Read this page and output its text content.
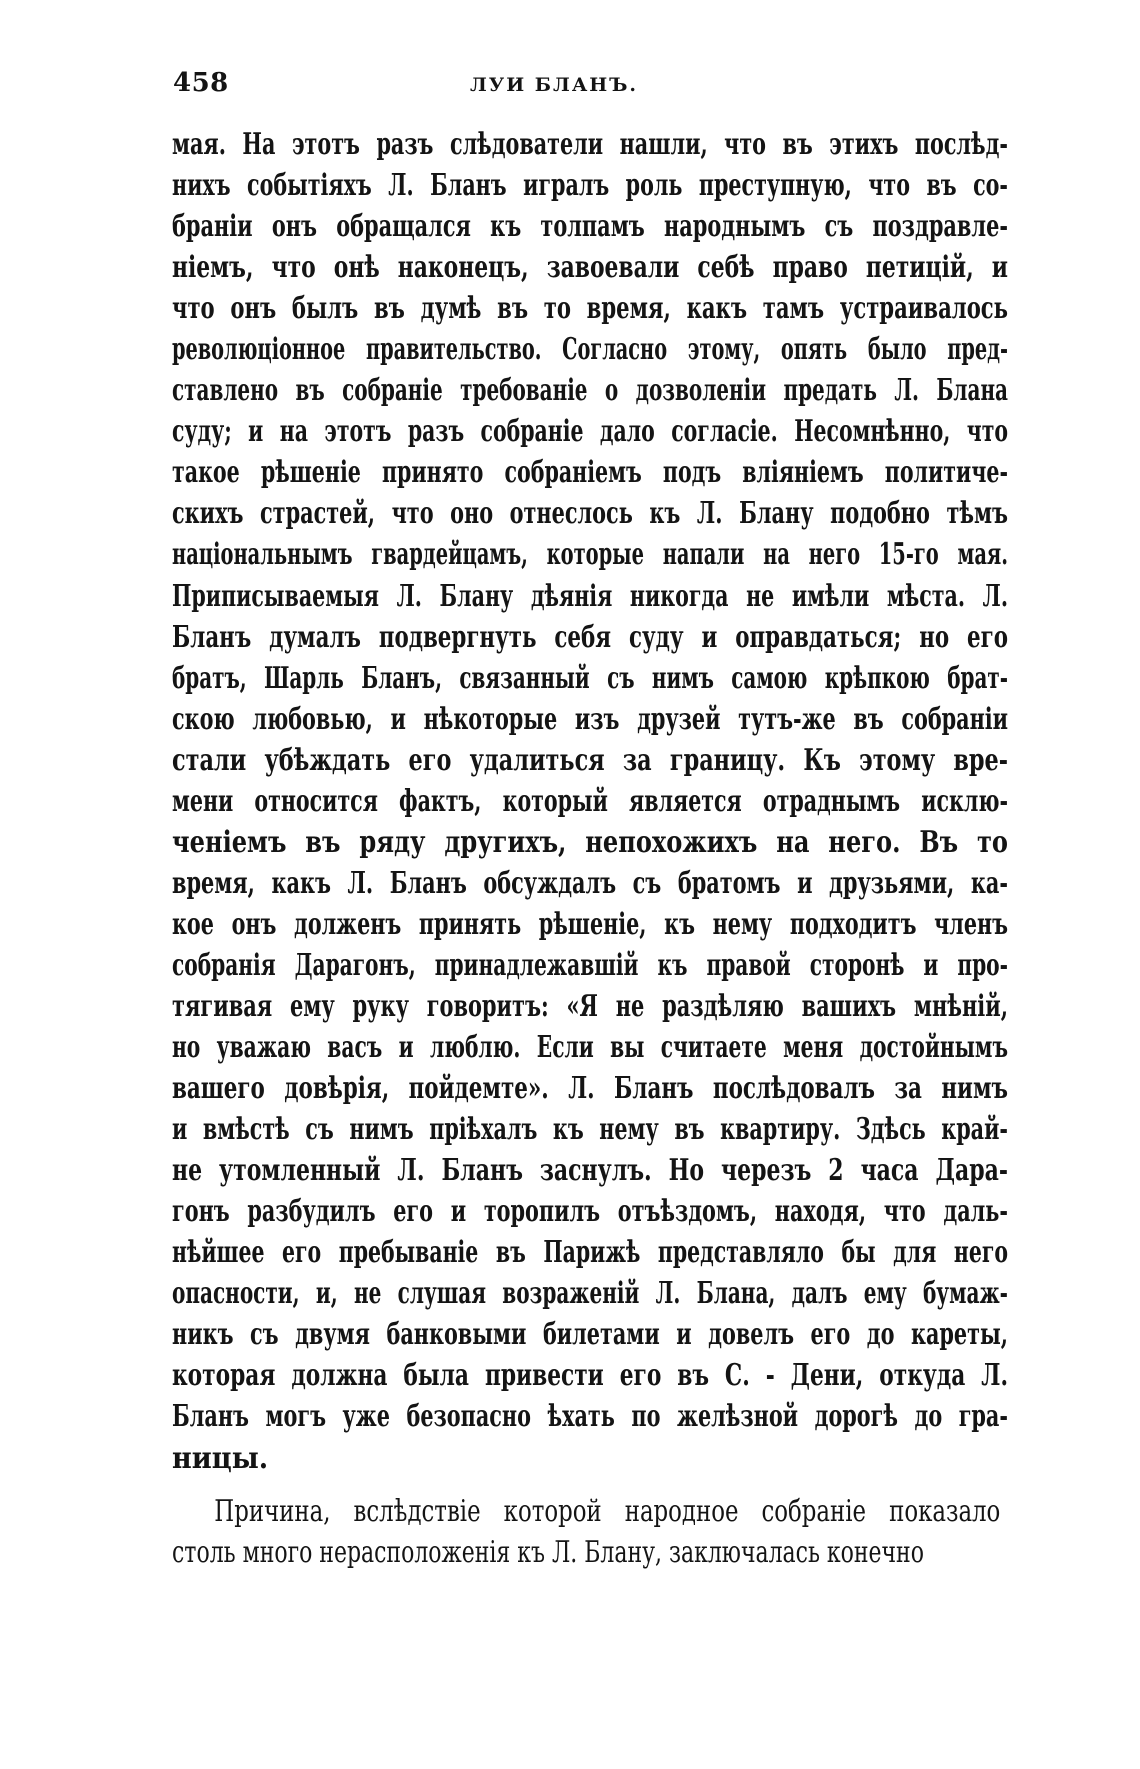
458	ЛУИ БЛАНЪ.
мая. На этотъ разъ слѣдователи нашли, что въ этихъ послѣд-
нихъ событіяхъ Л. Бланъ игралъ роль преступную, что въ со-
браніи онъ обращался къ толпамъ народнымъ съ поздравле-
ніемъ, что онѣ наконецъ, завоевали себѣ право петицій, и
что онъ былъ въ думѣ въ то время, какъ тамъ устраивалось
революціонное правительство. Согласно этому, опять было пред-
ставлено въ собраніе требованіе о дозволеніи предать Л. Блана
суду; и на этотъ разъ собраніе дало согласіе. Несомнѣнно, что
такое рѣшеніе принято собраніемъ подъ вліяніемъ политиче-
скихъ страстей, что оно отнеслось къ Л. Блану подобно тѣмъ
національнымъ гвардейцамъ, которые напали на него 15-го мая.
Приписываемыя Л. Блану дѣянія никогда не имѣли мѣста. Л.
Бланъ думалъ подвергнуть себя суду и оправдаться; но его
братъ, Шарль Бланъ, связанный съ нимъ самою крѣпкою брат-
скою любовью, и нѣкоторые изъ друзей тутъ-же въ собраніи
стали убѣждать его удалиться за границу. Къ этому вре-
мени относится фактъ, который является отраднымъ исклю-
ченіемъ въ ряду другихъ, непохожихъ на него. Въ то
время, какъ Л. Бланъ обсуждалъ съ братомъ и друзьями, ка-
кое онъ долженъ принять рѣшеніе, къ нему подходитъ членъ
собранія Дарагонъ, принадлежавшій къ правой сторонѣ и про-
тягивая ему руку говоритъ: «Я не раздѣляю вашихъ мнѣній,
но уважаю васъ и люблю. Если вы считаете меня достойнымъ
вашего довѣрія, пойдемте». Л. Бланъ послѣдовалъ за нимъ
и вмѣстѣ съ нимъ пріѣхалъ къ нему въ квартиру. Здѣсь край-
не утомленный Л. Бланъ заснулъ. Но черезъ 2 часа Дара-
гонъ разбудилъ его и торопилъ отъѣздомъ, находя, что даль-
нѣйшее его пребываніе въ Парижѣ представляло бы для него
опасности, и, не слушая возраженій Л. Блана, далъ ему бумаж-
никъ съ двумя банковыми билетами и довелъ его до кареты,
которая должна была привести его въ С. - Дени, откуда Л.
Бланъ могъ уже безопасно ѣхать по желѣзной дорогѣ до гра-
ницы.
Причина, вслѣдствіе которой народное собраніе показало
столь много нерасположенія къ Л. Блану, заключалась конечно
